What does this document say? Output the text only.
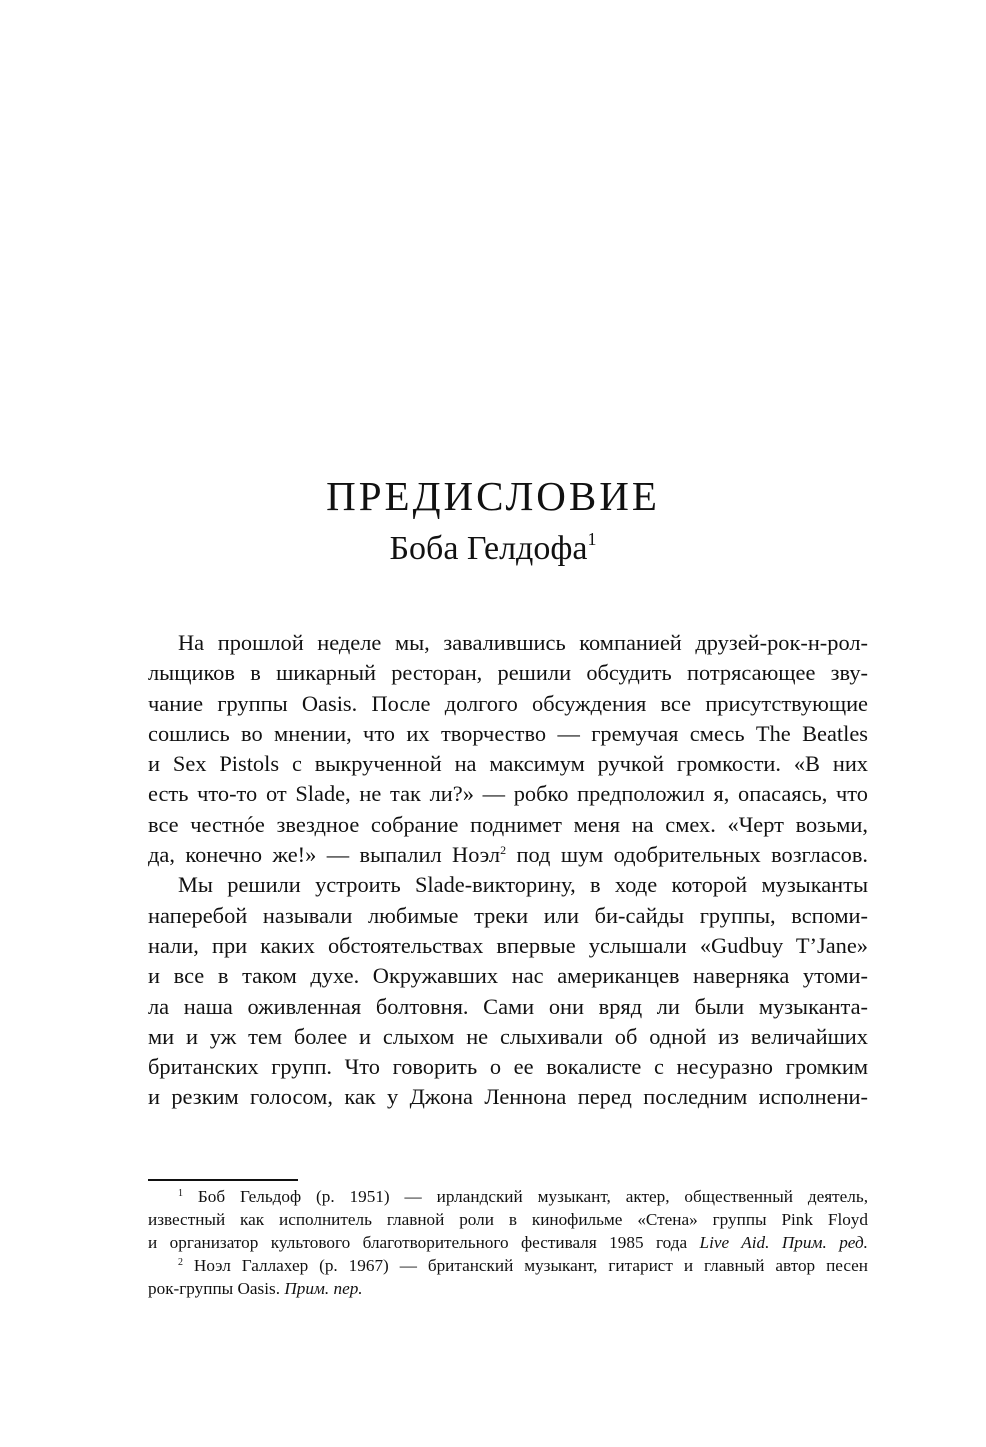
ПРЕДИСЛОВИЕ
Боба Гелдофа$^1$
На прошлой неделе мы, завалившись компанией друзей-рок-н-рол-
лыщиков в шикарный ресторан, решили обсудить потрясающее зву-
чание группы Oasis. После долгого обсуждения все присутствующие
сошлись во мнении, что их творчество — гремучая смесь The Beatles
и Sex Pistols с выкрученной на максимум ручкой громкости. «В них
есть что-то от Slade, не так ли?» — робко предположил я, опасаясь, что
все честнóе звездное собрание поднимет меня на смех. «Черт возьми,
да, конечно же!» — выпалил Ноэл$^2$ под шум одобрительных возгласов.
Мы решили устроить Slade-викторину, в ходе которой музыканты
наперебой называли любимые треки или би-сайды группы, вспоми-
нали, при каких обстоятельствах впервые услышали «Gudbuy T’Jane»
и все в таком духе. Окружавших нас американцев наверняка утоми-
ла наша оживленная болтовня. Сами они вряд ли были музыканта-
ми и уж тем более и слыхом не слыхивали об одной из величайших
британских групп. Что говорить о ее вокалисте с несуразно громким
и резким голосом, как у Джона Леннона перед последним исполнени-
$^1$ Боб Гельдоф (р. 1951) — ирландский музыкант, актер, общественный деятель,
известный как исполнитель главной роли в кинофильме «Стена» группы Pink Floyd
и организатор культового благотворительного фестиваля 1985 года Live Aid. Прим. ред.
$^2$ Ноэл Галлахер (р. 1967) — британский музыкант, гитарист и главный автор песен
рок-группы Oasis. Прим. пер.
